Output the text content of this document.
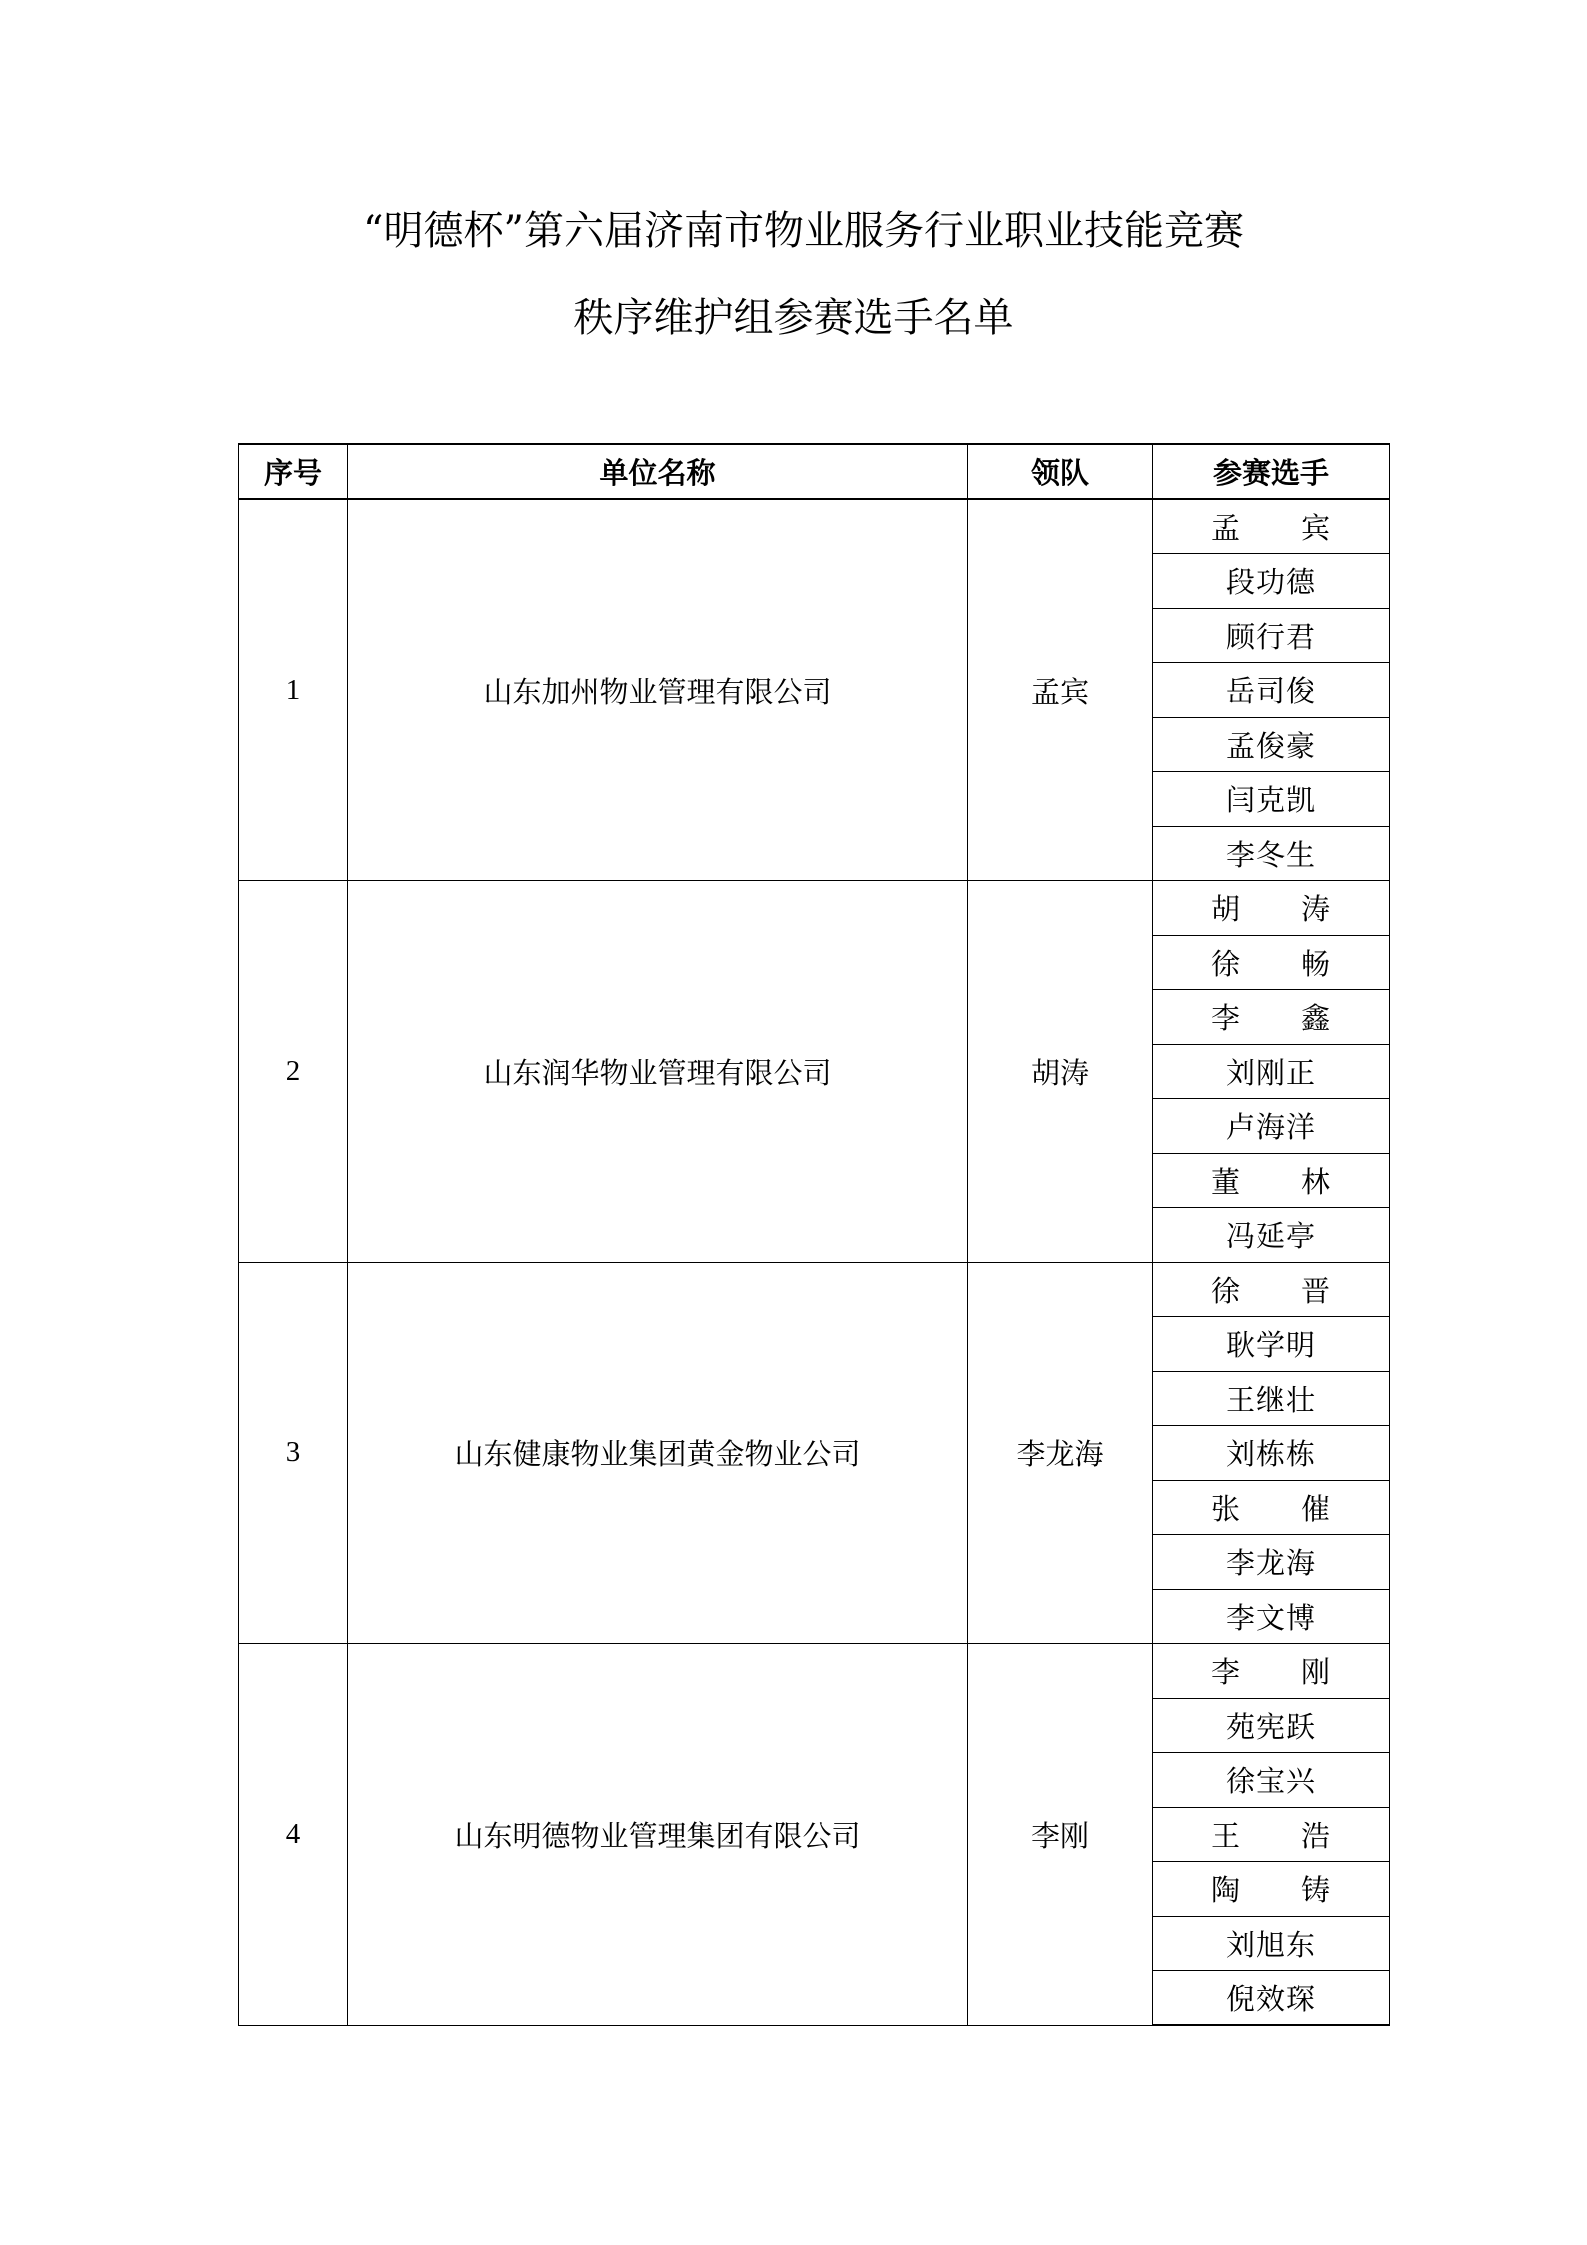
“明德杯”第六届济南市物业服务行业职业技能竞赛
秩序维护组参赛选手名单
序号	单位名称	领队	参赛选手
1	山东加州物业管理有限公司	孟宾	孟　　宾
			段功德
			顾行君
			岳司俊
			孟俊豪
			闫克凯
			李冬生
2	山东润华物业管理有限公司	胡涛	胡　　涛
			徐　　畅
			李　　鑫
			刘刚正
			卢海洋
			董　　林
			冯延亭
3	山东健康物业集团黄金物业公司	李龙海	徐　　晋
			耿学明
			王继壮
			刘栋栋
			张　　催
			李龙海
			李文博
4	山东明德物业管理集团有限公司	李刚	李　　刚
			苑宪跃
			徐宝兴
			王　　浩
			陶　　铸
			刘旭东
			倪效琛
